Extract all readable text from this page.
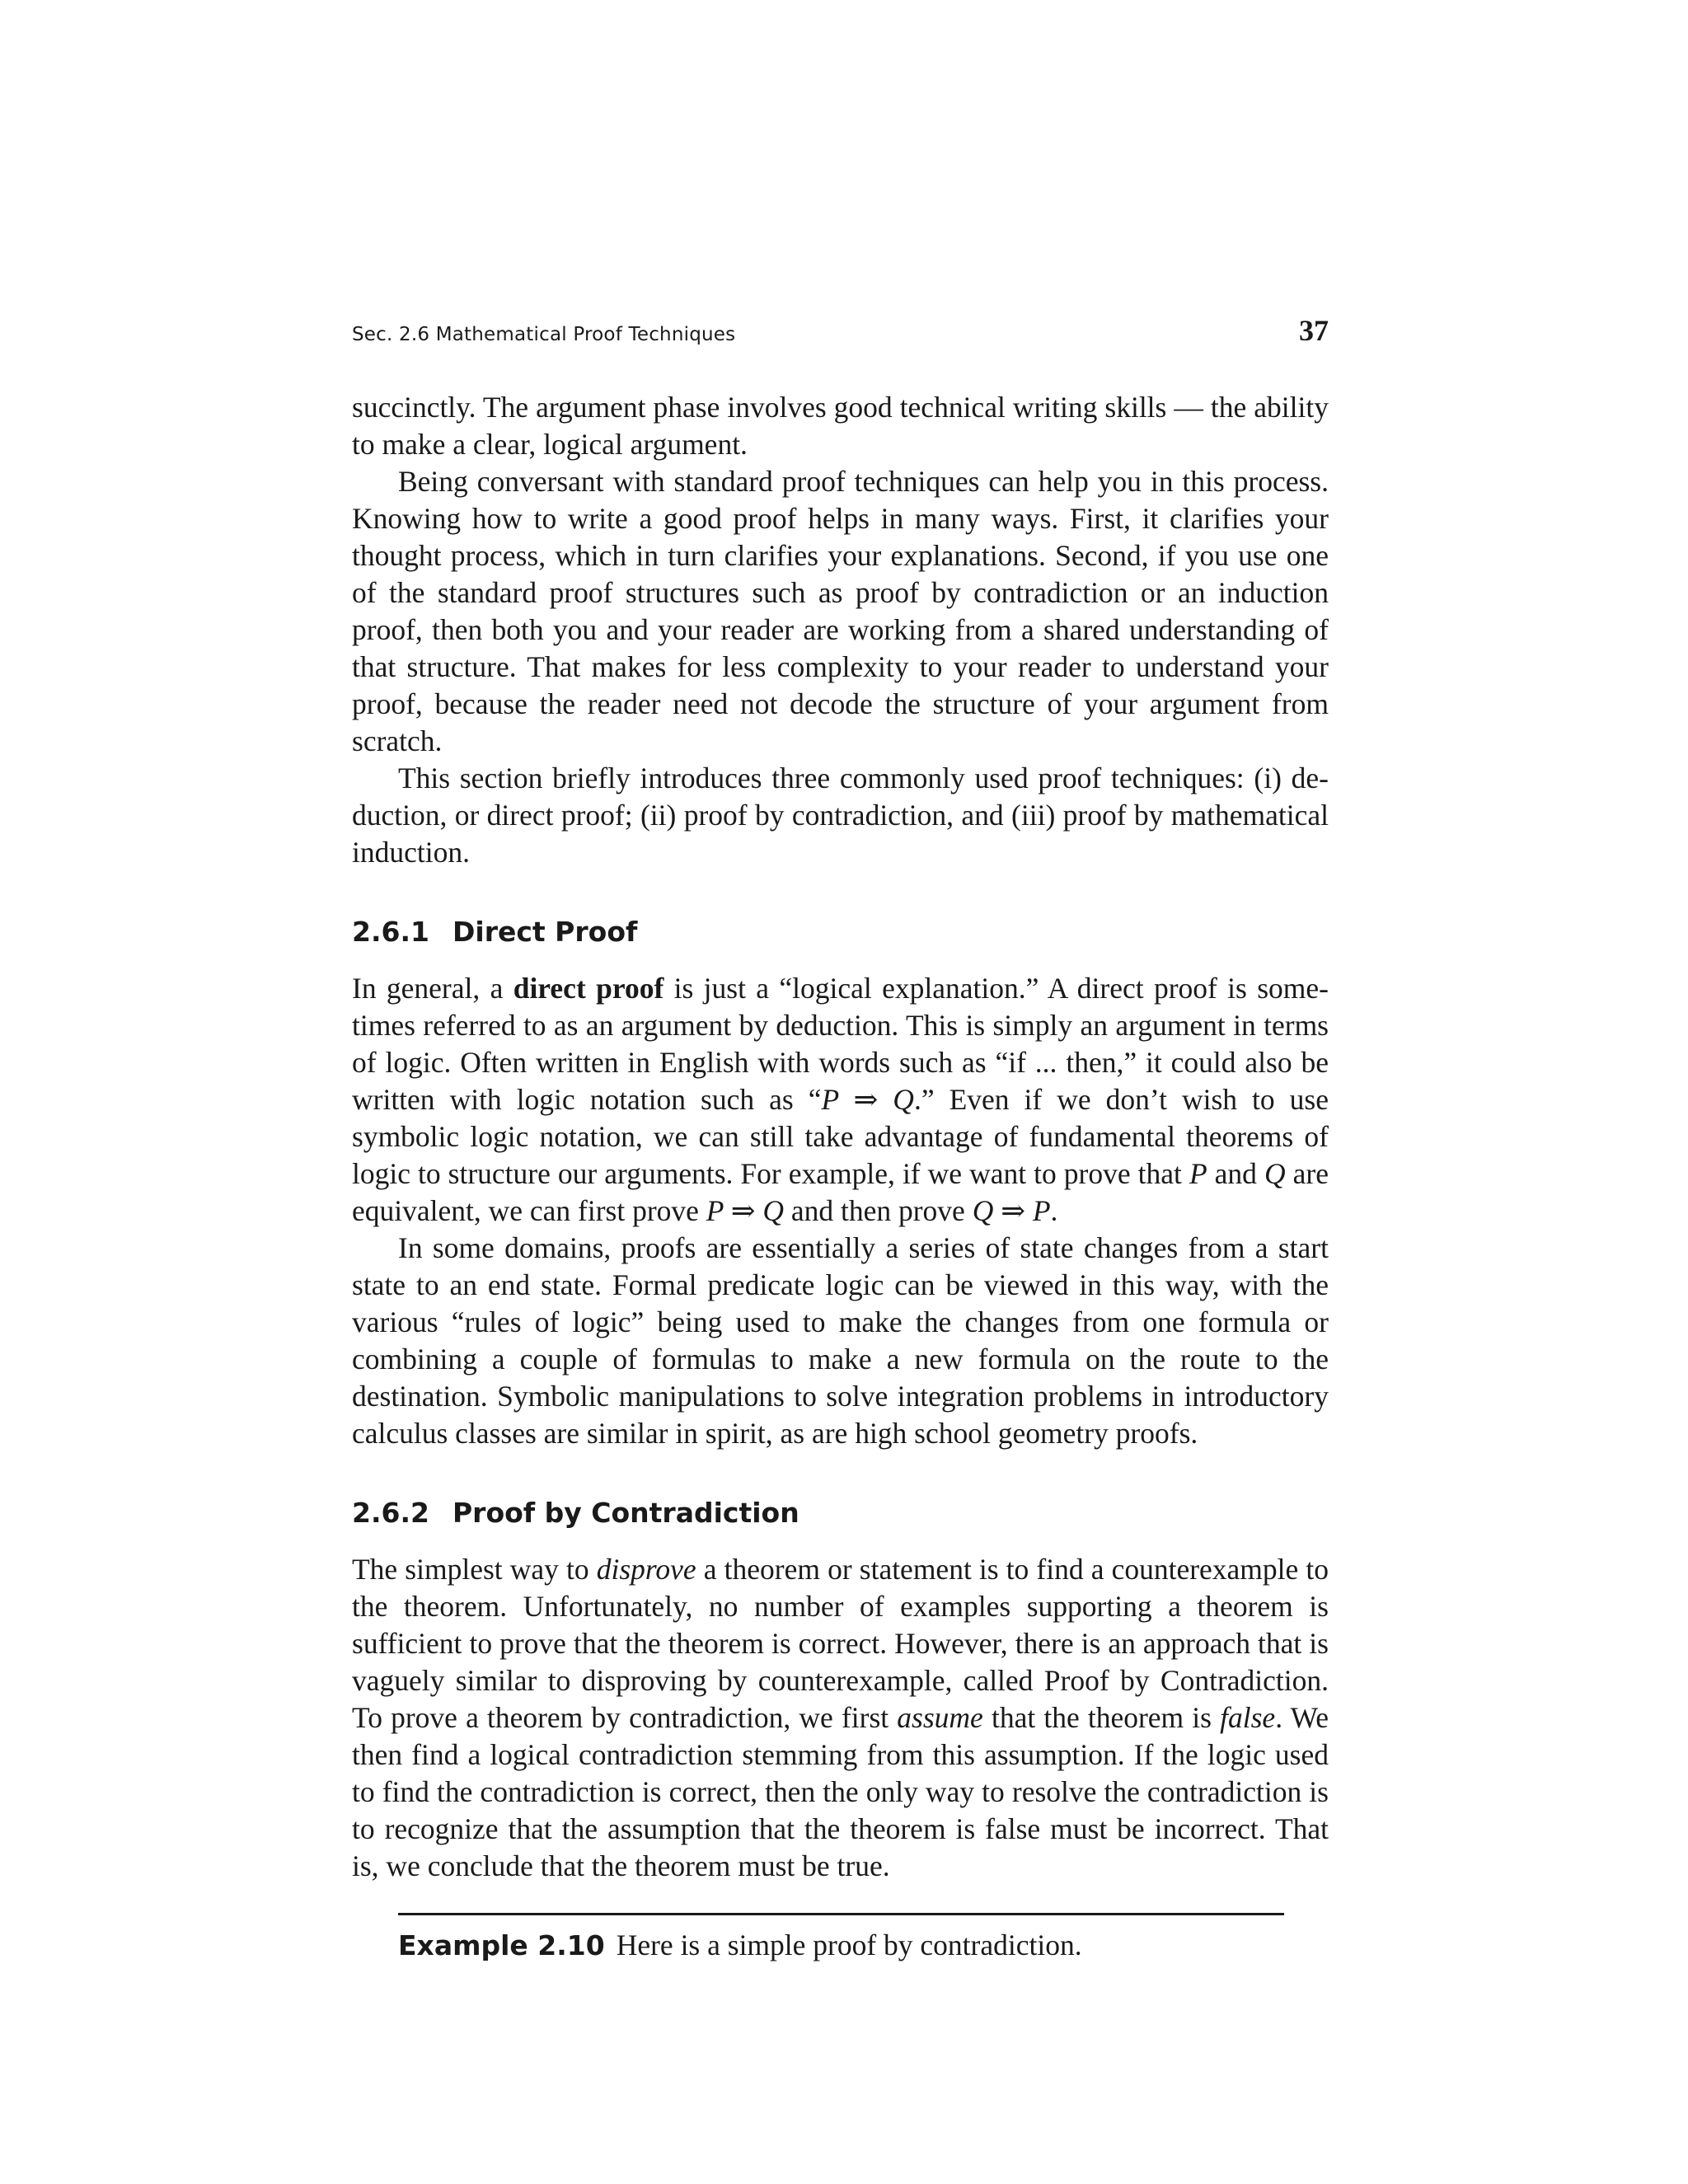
Sec. 2.6 Mathematical Proof Techniques	37

succinctly. The argument phase involves good technical writing skills — the ability to make a clear, logical argument.

Being conversant with standard proof techniques can help you in this process. Knowing how to write a good proof helps in many ways. First, it clarifies your thought process, which in turn clarifies your explanations. Second, if you use one of the standard proof structures such as proof by contradiction or an induction proof, then both you and your reader are working from a shared understanding of that structure. That makes for less complexity to your reader to understand your proof, because the reader need not decode the structure of your argument from scratch.

This section briefly introduces three commonly used proof techniques: (i) deduction, or direct proof; (ii) proof by contradiction, and (iii) proof by mathematical induction.

2.6.1 Direct Proof

In general, a direct proof is just a “logical explanation.” A direct proof is sometimes referred to as an argument by deduction. This is simply an argument in terms of logic. Often written in English with words such as “if ... then,” it could also be written with logic notation such as “P ⇒ Q.” Even if we don’t wish to use symbolic logic notation, we can still take advantage of fundamental theorems of logic to structure our arguments. For example, if we want to prove that P and Q are equivalent, we can first prove P ⇒ Q and then prove Q ⇒ P.

In some domains, proofs are essentially a series of state changes from a start state to an end state. Formal predicate logic can be viewed in this way, with the various “rules of logic” being used to make the changes from one formula or combining a couple of formulas to make a new formula on the route to the destination. Symbolic manipulations to solve integration problems in introductory calculus classes are similar in spirit, as are high school geometry proofs.

2.6.2 Proof by Contradiction

The simplest way to disprove a theorem or statement is to find a counterexample to the theorem. Unfortunately, no number of examples supporting a theorem is sufficient to prove that the theorem is correct. However, there is an approach that is vaguely similar to disproving by counterexample, called Proof by Contradiction. To prove a theorem by contradiction, we first assume that the theorem is false. We then find a logical contradiction stemming from this assumption. If the logic used to find the contradiction is correct, then the only way to resolve the contradiction is to recognize that the assumption that the theorem is false must be incorrect. That is, we conclude that the theorem must be true.

Example 2.10 Here is a simple proof by contradiction.
